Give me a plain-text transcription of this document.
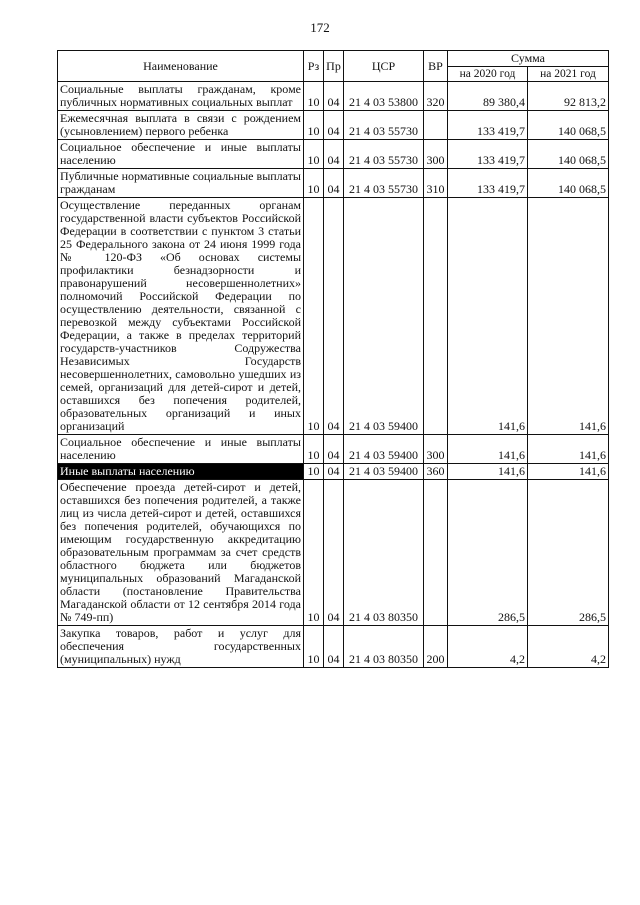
172
Наименование	Рз	Пр	ЦСР	ВР	Сумма	
					на 2020 год	на 2021 год
Социальные выплаты гражданам, кроме публичных нормативных социальных выплат	10	04	21 4 03 53800	320	89 380,4	92 813,2
Ежемесячная выплата в связи с рождением (усыновлением) первого ребенка	10	04	21 4 03 55730		133 419,7	140 068,5
Социальное обеспечение и иные выплаты населению	10	04	21 4 03 55730	300	133 419,7	140 068,5
Публичные нормативные социальные выплаты гражданам	10	04	21 4 03 55730	310	133 419,7	140 068,5
Осуществление переданных органам государственной власти субъектов Российской Федерации в соответствии с пунктом 3 статьи 25 Федерального закона от 24 июня 1999 года № 120-ФЗ «Об основах системы профилактики безнадзорности и правонарушений несовершеннолетних» полномочий Российской Федерации по осуществлению деятельности, связанной с перевозкой между субъектами Российской Федерации, а также в пределах территорий государств-участников Содружества Независимых Государств несовершеннолетних, самовольно ушедших из семей, организаций для детей-сирот и детей, оставшихся без попечения родителей, образовательных организаций и иных организаций	10	04	21 4 03 59400		141,6	141,6
Социальное обеспечение и иные выплаты населению	10	04	21 4 03 59400	300	141,6	141,6
Иные выплаты населению	10	04	21 4 03 59400	360	141,6	141,6
Обеспечение проезда детей-сирот и детей, оставшихся без попечения родителей, а также лиц из числа детей-сирот и детей, оставшихся без попечения родителей, обучающихся по имеющим государственную аккредитацию образовательным программам за счет средств областного бюджета или бюджетов муниципальных образований Магаданской области (постановление Правительства Магаданской области от 12 сентября 2014 года № 749-пп)	10	04	21 4 03 80350		286,5	286,5
Закупка товаров, работ и услуг для обеспечения государственных (муниципальных) нужд	10	04	21 4 03 80350	200	4,2	4,2
